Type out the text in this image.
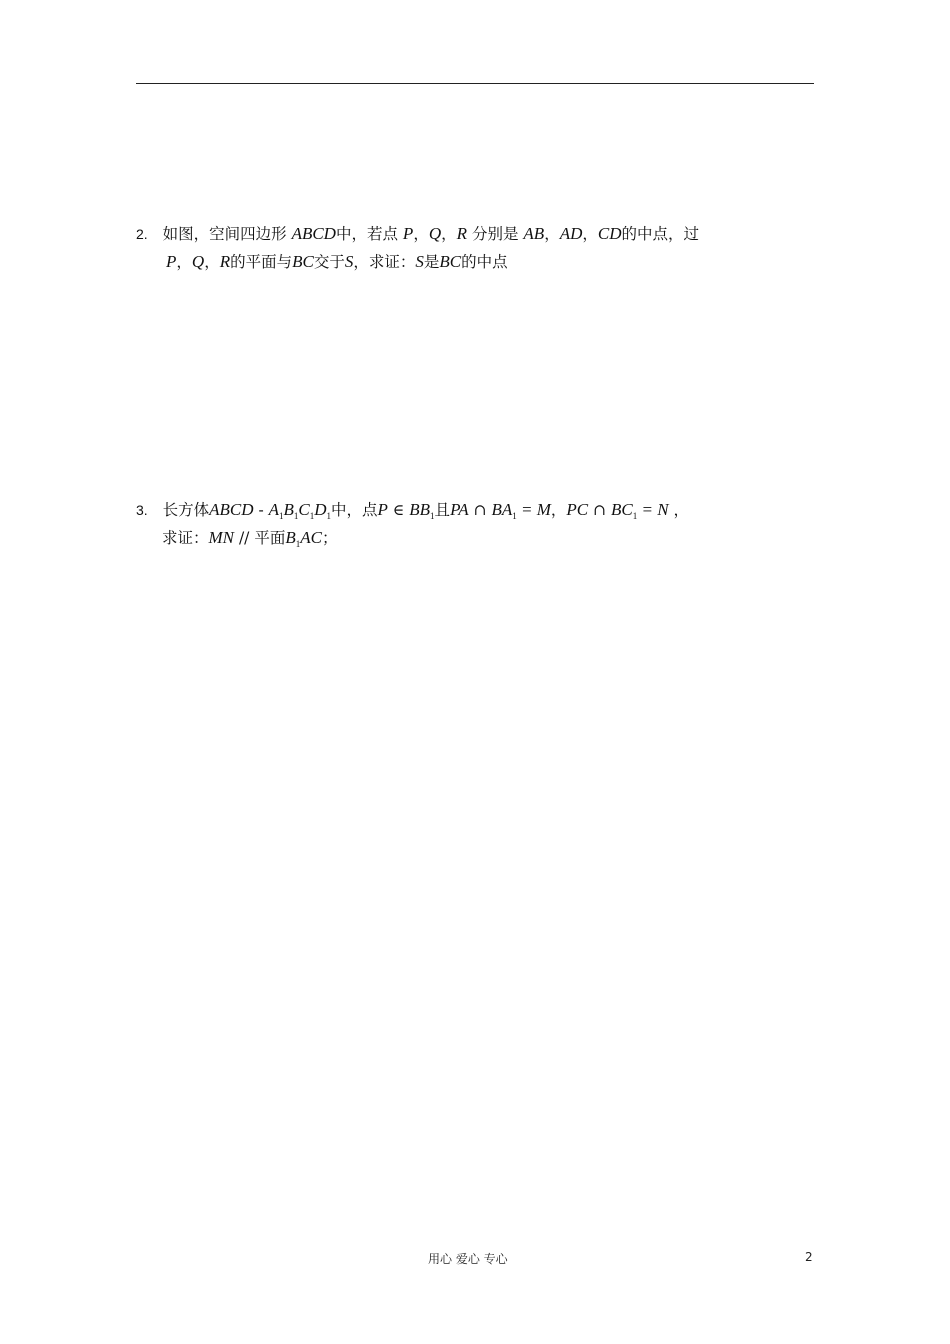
2. 如图，空间四边形 ABCD中，若点 P，Q，R 分别是 AB，AD，CD的中点，过
P，Q，R的平面与BC交于S，求证：S是BC的中点
3. 长方体ABCD - $A_1B_1C_1D_1$中，点P ∈ $BB_1$且PA ∩ $BA_1 = M$，PC ∩ $BC_1 = N$ ，
求证：MN // 平面$B_1AC$；
用心 爱心 专心	2
